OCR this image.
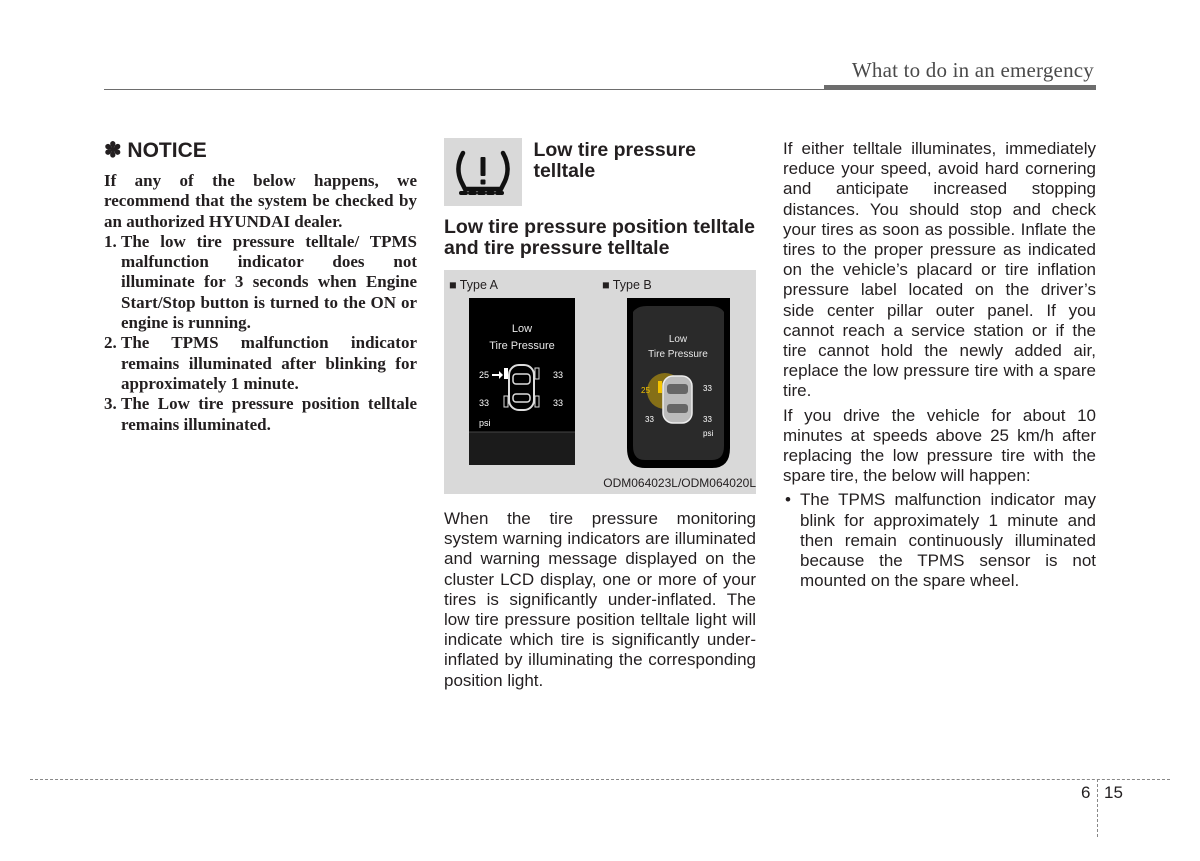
What to do in an emergency
✽ NOTICE

If any of the below happens, we recommend that the system be checked by an authorized HYUNDAI dealer.

1. The low tire pressure telltale/ TPMS malfunction indicator does not illuminate for 3 seconds when Engine Start/Stop button is turned to the ON or engine is running.
2. The TPMS malfunction indicator remains illuminated after blinking for approximately 1 minute.
3. The Low tire pressure position telltale remains illuminated.
Low tire pressure telltale
Low tire pressure position telltale and tire pressure telltale
■ Type A	■ Type B
Low
Tire Pressure
25	33
33	33
psi
Low
Tire Pressure
25	33
33	33
psi
ODM064023L/ODM064020L

When the tire pressure monitoring system warning indicators are illuminated and warning message displayed on the cluster LCD display, one or more of your tires is significantly under-inflated. The low tire pressure position telltale light will indicate which tire is significantly under-inflated by illuminating the corresponding position light.

If either telltale illuminates, immediately reduce your speed, avoid hard cornering and anticipate increased stopping distances. You should stop and check your tires as soon as possible. Inflate the tires to the proper pressure as indicated on the vehicle’s placard or tire inflation pressure label located on the driver’s side center pillar outer panel. If you cannot reach a service station or if the tire cannot hold the newly added air, replace the low pressure tire with a spare tire.

If you drive the vehicle for about 10 minutes at speeds above 25 km/h after replacing the low pressure tire with the spare tire, the below will happen:

• The TPMS malfunction indicator may blink for approximately 1 minute and then remain continuously illuminated because the TPMS sensor is not mounted on the spare wheel.
6 15
